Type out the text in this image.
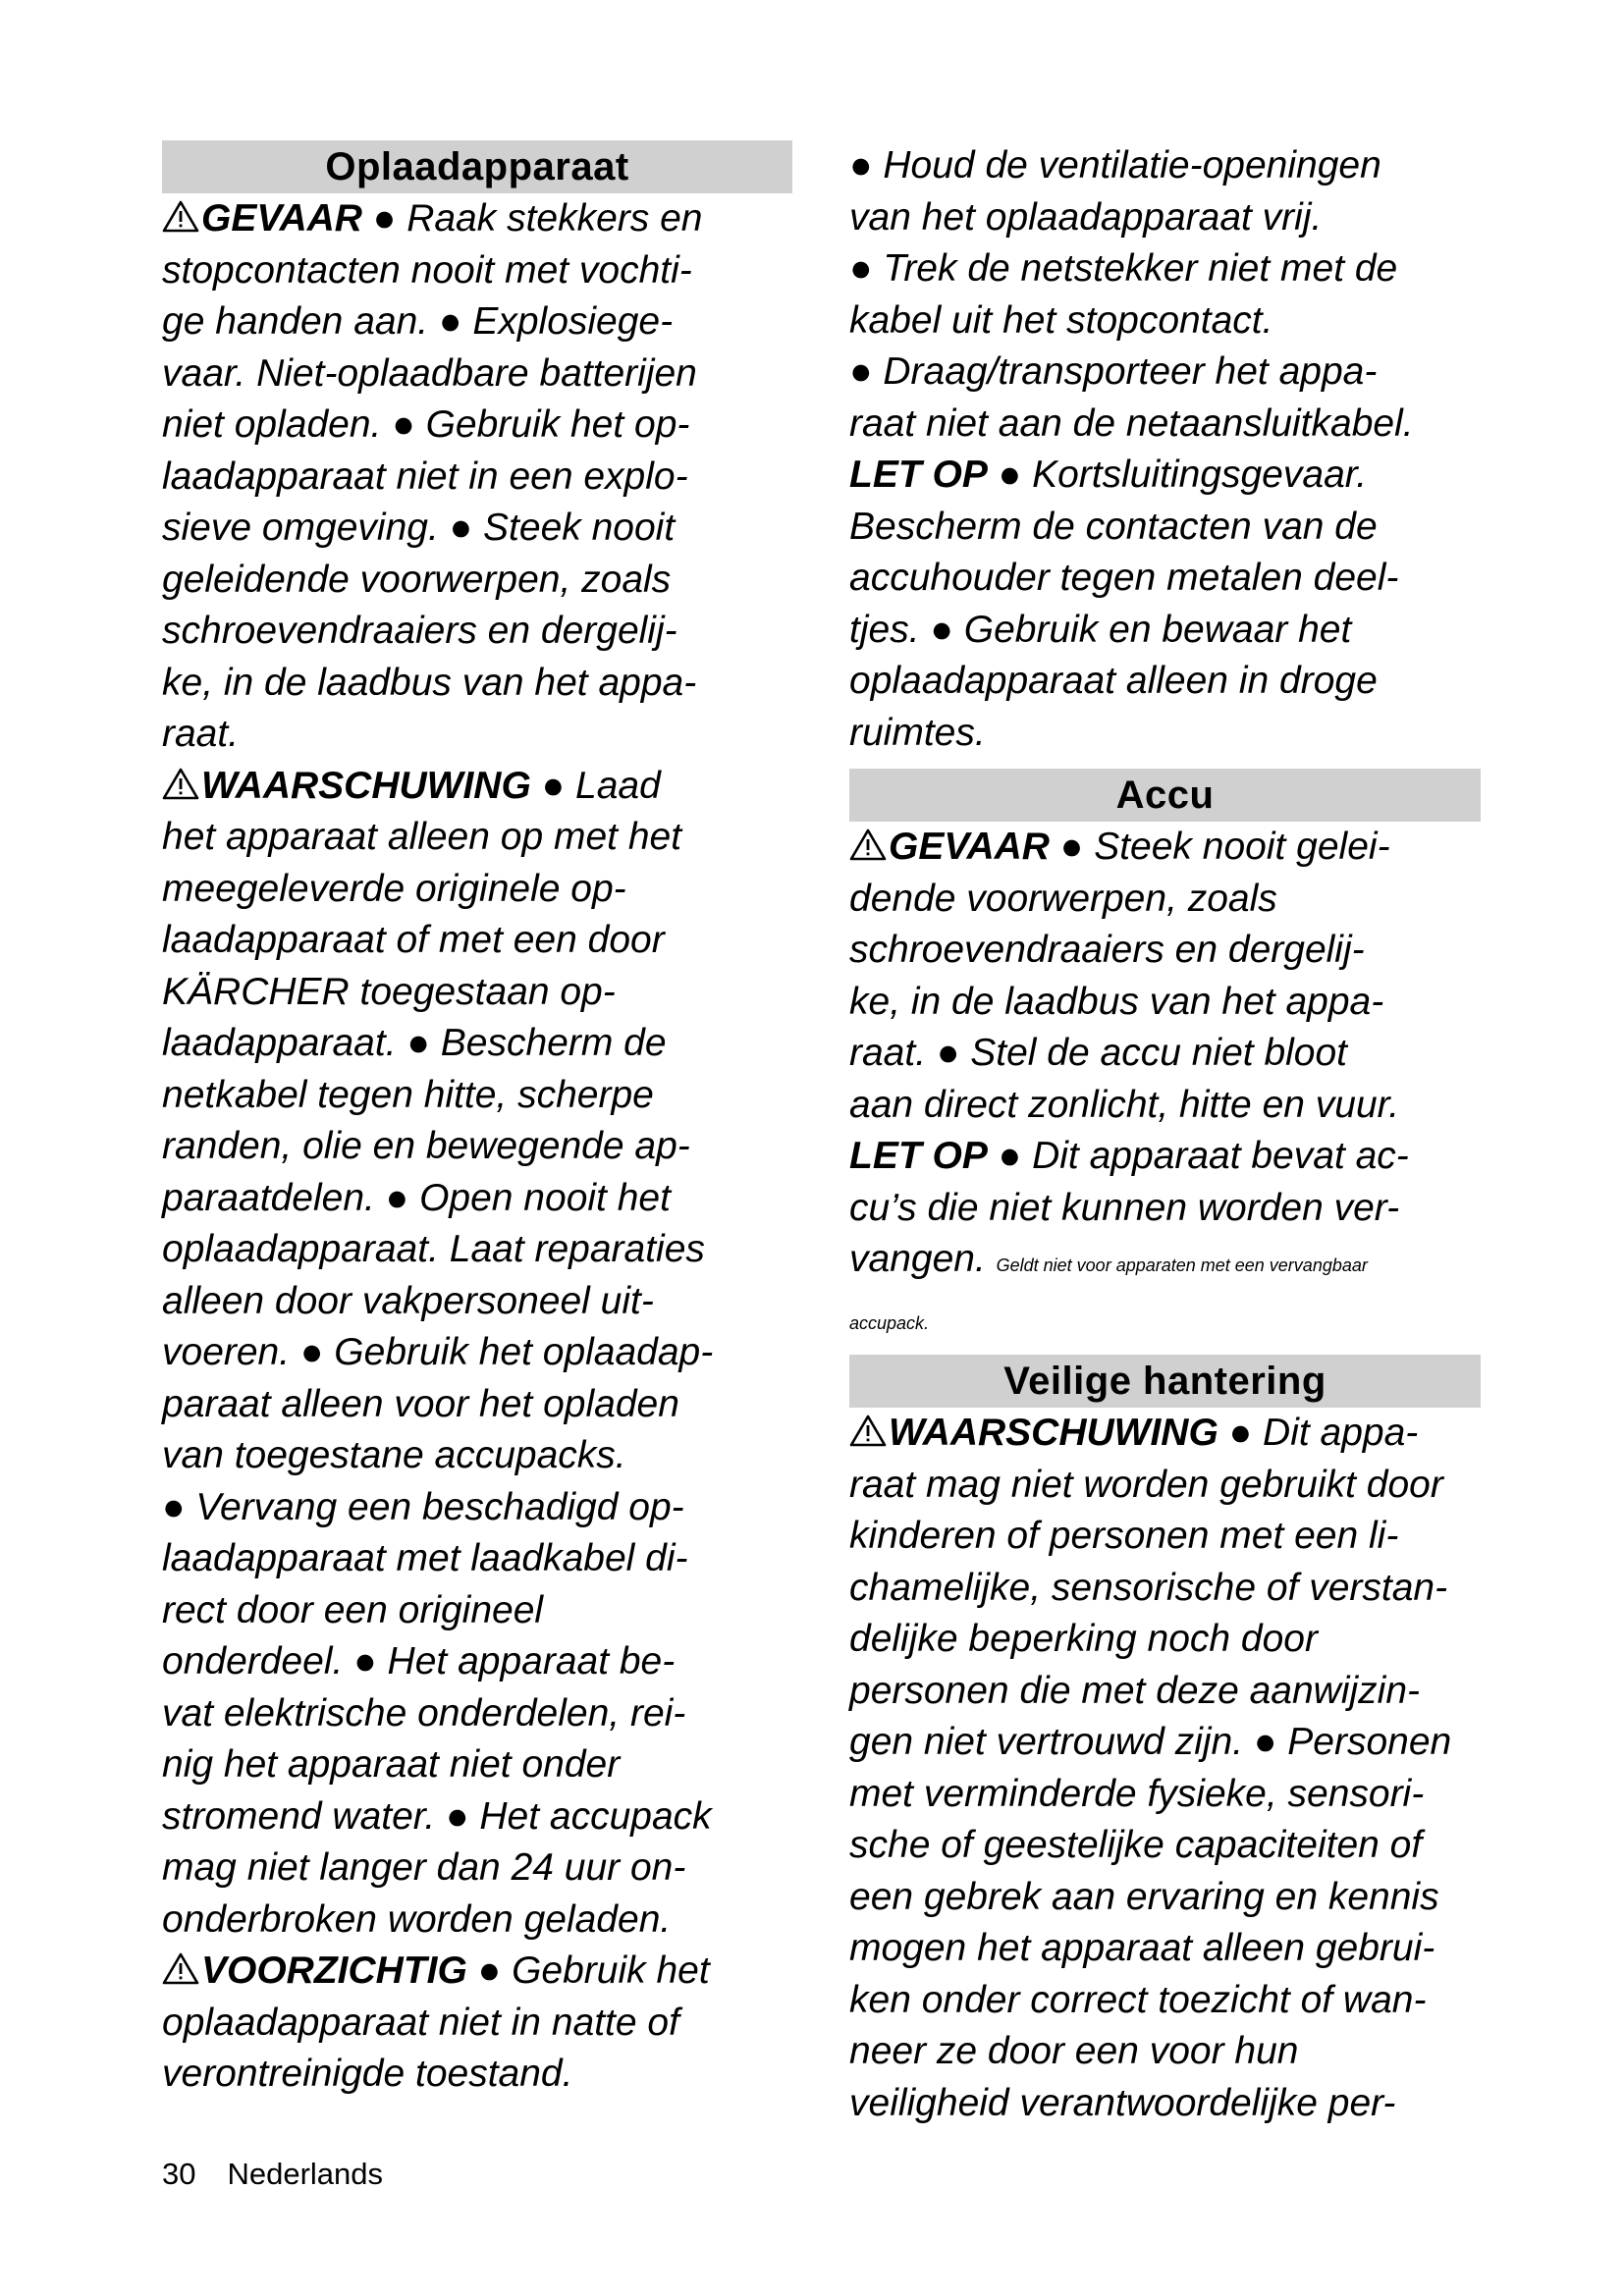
Oplaadapparaat
GEVAAR ● Raak stekkers en
stopcontacten nooit met vochti-
ge handen aan. ● Explosiege-
vaar. Niet-oplaadbare batterijen
niet opladen. ● Gebruik het op-
laadapparaat niet in een explo-
sieve omgeving. ● Steek nooit
geleidende voorwerpen, zoals
schroevendraaiers en dergelij-
ke, in de laadbus van het appa-
raat.
WAARSCHUWING ● Laad
het apparaat alleen op met het
meegeleverde originele op-
laadapparaat of met een door
KÄRCHER toegestaan op-
laadapparaat. ● Bescherm de
netkabel tegen hitte, scherpe
randen, olie en bewegende ap-
paraatdelen. ● Open nooit het
oplaadapparaat. Laat reparaties
alleen door vakpersoneel uit-
voeren. ● Gebruik het oplaadap-
paraat alleen voor het opladen
van toegestane accupacks.
● Vervang een beschadigd op-
laadapparaat met laadkabel di-
rect door een origineel
onderdeel. ● Het apparaat be-
vat elektrische onderdelen, rei-
nig het apparaat niet onder
stromend water. ● Het accupack
mag niet langer dan 24 uur on-
onderbroken worden geladen.
VOORZICHTIG ● Gebruik het
oplaadapparaat niet in natte of
verontreinigde toestand.
● Houd de ventilatie-openingen
van het oplaadapparaat vrij.
● Trek de netstekker niet met de
kabel uit het stopcontact.
● Draag/transporteer het appa-
raat niet aan de netaansluitkabel.
LET OP ● Kortsluitingsgevaar.
Bescherm de contacten van de
accuhouder tegen metalen deel-
tjes. ● Gebruik en bewaar het
oplaadapparaat alleen in droge
ruimtes.
Accu
GEVAAR ● Steek nooit gelei-
dende voorwerpen, zoals
schroevendraaiers en dergelij-
ke, in de laadbus van het appa-
raat. ● Stel de accu niet bloot
aan direct zonlicht, hitte en vuur.
LET OP ● Dit apparaat bevat ac-
cu’s die niet kunnen worden ver-
vangen. Geldt niet voor apparaten met een vervangbaar
accupack.
Veilige hantering
WAARSCHUWING ● Dit appa-
raat mag niet worden gebruikt door
kinderen of personen met een li-
chamelijke, sensorische of verstan-
delijke beperking noch door
personen die met deze aanwijzin-
gen niet vertrouwd zijn. ● Personen
met verminderde fysieke, sensori-
sche of geestelijke capaciteiten of
een gebrek aan ervaring en kennis
mogen het apparaat alleen gebrui-
ken onder correct toezicht of wan-
neer ze door een voor hun
veiligheid verantwoordelijke per-
30 Nederlands
